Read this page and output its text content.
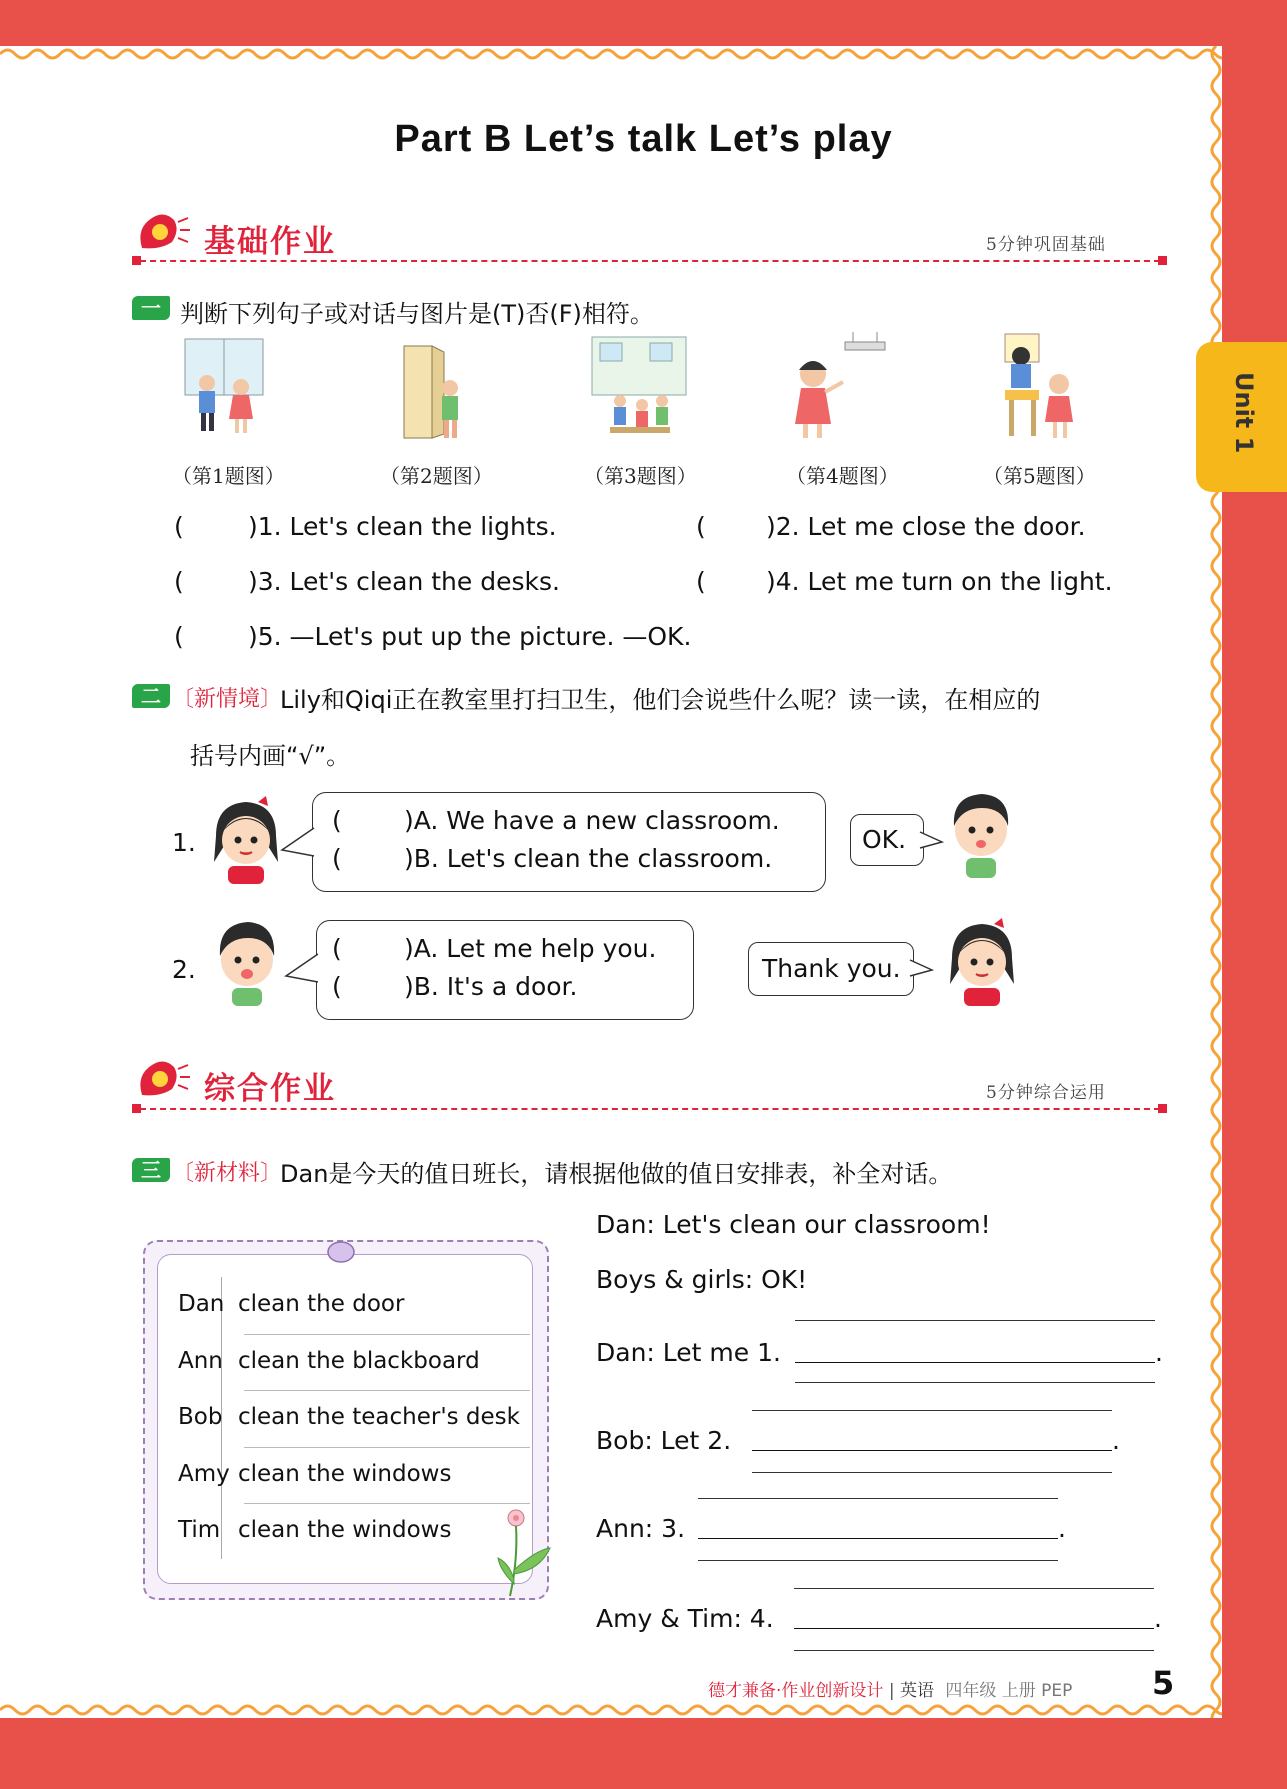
Unit 1
Part B Let’s talk Let’s play
基础作业	5分钟巩固基础
一 判断下列句子或对话与图片是(T)否(F)相符。
（第1题图）	（第2题图）	（第3题图）	（第4题图）	（第5题图）
(	)1. Let's clean the lights.	( )2. Let me close the door.
(	)3. Let's clean the desks.	( )4. Let me turn on the light.
(	)5. —Let's put up the picture. —OK.
二 〔新情境〕
Lily和Qiqi正在教室里打扫卫生，他们会说些什么呢？读一读，在相应的
括号内画“√”。
1.
( )A. We have a new classroom.
( )B. Let's clean the classroom.
OK.
2.
( )A. Let me help you.
( )B. It's a door.
Thank you.
综合作业	5分钟综合运用
三 〔新材料〕
Dan是今天的值日班长，请根据他做的值日安排表，补全对话。
Dan clean the door
Ann clean the blackboard
Bob clean the teacher's desk
Amy clean the windows
Tim clean the windows
Dan: Let's clean our classroom!
Boys & girls: OK!
Dan: Let me 1.	.
Bob: Let 2.	.
Ann: 3.	.
Amy & Tim: 4.	.
德才兼备·作业创新设计 | 英语 四年级 上册 PEP 5
